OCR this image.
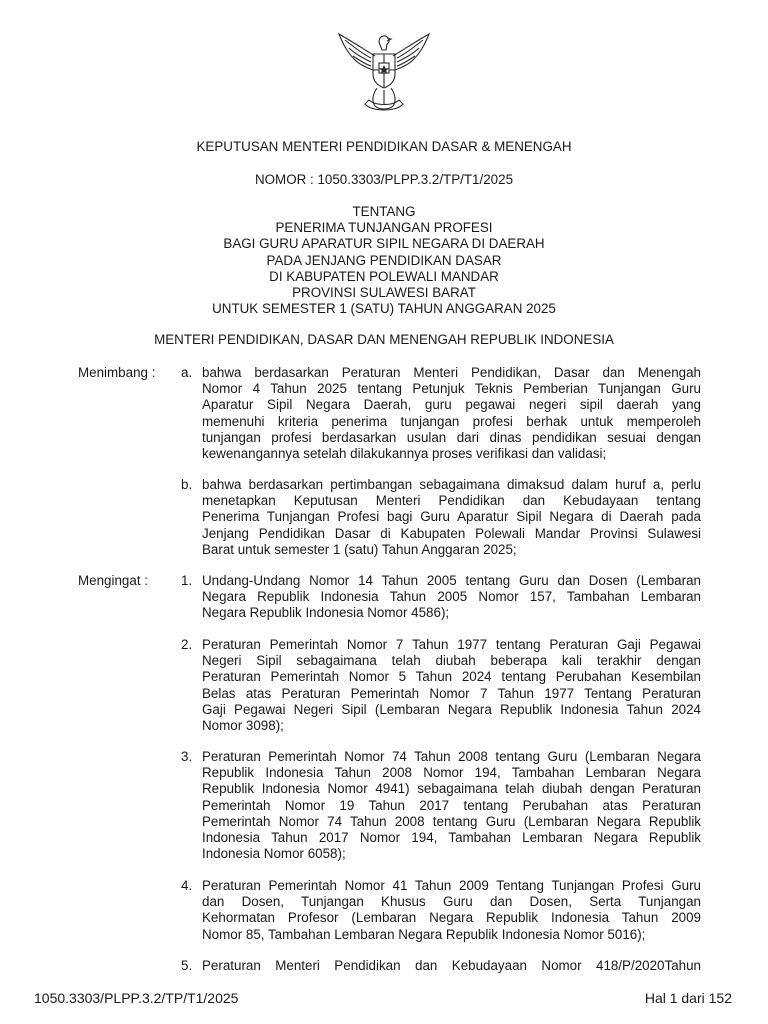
KEPUTUSAN MENTERI PENDIDIKAN DASAR & MENENGAH
NOMOR : 1050.3303/PLPP.3.2/TP/T1/2025
TENTANG
PENERIMA TUNJANGAN PROFESI
BAGI GURU APARATUR SIPIL NEGARA DI DAERAH
PADA JENJANG PENDIDIKAN DASAR
DI KABUPATEN POLEWALI MANDAR
PROVINSI SULAWESI BARAT
UNTUK SEMESTER 1 (SATU) TAHUN ANGGARAN 2025
MENTERI PENDIDIKAN, DASAR DAN MENENGAH REPUBLIK INDONESIA
Menimbang : a. bahwa berdasarkan Peraturan Menteri Pendidikan, Dasar dan Menengah
Nomor 4 Tahun 2025 tentang Petunjuk Teknis Pemberian Tunjangan Guru
Aparatur Sipil Negara Daerah, guru pegawai negeri sipil daerah yang
memenuhi kriteria penerima tunjangan profesi berhak untuk memperoleh
tunjangan profesi berdasarkan usulan dari dinas pendidikan sesuai dengan
kewenangannya setelah dilakukannya proses verifikasi dan validasi;
b. bahwa berdasarkan pertimbangan sebagaimana dimaksud dalam huruf a, perlu
menetapkan Keputusan Menteri Pendidikan dan Kebudayaan tentang
Penerima Tunjangan Profesi bagi Guru Aparatur Sipil Negara di Daerah pada
Jenjang Pendidikan Dasar di Kabupaten Polewali Mandar Provinsi Sulawesi
Barat untuk semester 1 (satu) Tahun Anggaran 2025;
Mengingat : 1. Undang-Undang Nomor 14 Tahun 2005 tentang Guru dan Dosen (Lembaran
Negara Republik Indonesia Tahun 2005 Nomor 157, Tambahan Lembaran
Negara Republik Indonesia Nomor 4586);
2. Peraturan Pemerintah Nomor 7 Tahun 1977 tentang Peraturan Gaji Pegawai
Negeri Sipil sebagaimana telah diubah beberapa kali terakhir dengan
Peraturan Pemerintah Nomor 5 Tahun 2024 tentang Perubahan Kesembilan
Belas atas Peraturan Pemerintah Nomor 7 Tahun 1977 Tentang Peraturan
Gaji Pegawai Negeri Sipil (Lembaran Negara Republik Indonesia Tahun 2024
Nomor 3098);
3. Peraturan Pemerintah Nomor 74 Tahun 2008 tentang Guru (Lembaran Negara
Republik Indonesia Tahun 2008 Nomor 194, Tambahan Lembaran Negara
Republik Indonesia Nomor 4941) sebagaimana telah diubah dengan Peraturan
Pemerintah Nomor 19 Tahun 2017 tentang Perubahan atas Peraturan
Pemerintah Nomor 74 Tahun 2008 tentang Guru (Lembaran Negara Republik
Indonesia Tahun 2017 Nomor 194, Tambahan Lembaran Negara Republik
Indonesia Nomor 6058);
4. Peraturan Pemerintah Nomor 41 Tahun 2009 Tentang Tunjangan Profesi Guru
dan Dosen, Tunjangan Khusus Guru dan Dosen, Serta Tunjangan
Kehormatan Profesor (Lembaran Negara Republik Indonesia Tahun 2009
Nomor 85, Tambahan Lembaran Negara Republik Indonesia Nomor 5016);
5. Peraturan Menteri Pendidikan dan Kebudayaan Nomor 418/P/2020Tahun
1050.3303/PLPP.3.2/TP/T1/2025	Hal 1 dari 152
